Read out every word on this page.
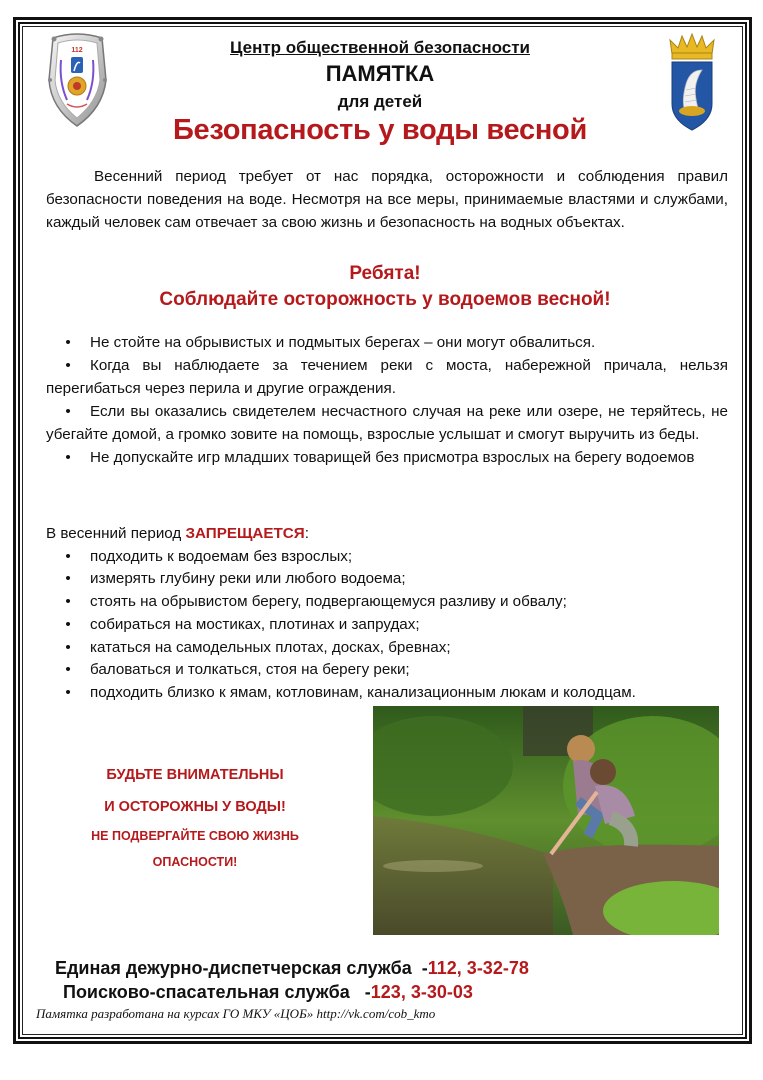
112	Центр общественной безопасности
ПАМЯТКА
для детей
Безопасность у воды весной

Весенний период требует от нас порядка, осторожности и соблюдения правил безопасности поведения на воде. Несмотря на все меры, принимаемые властями и службами, каждый человек сам отвечает за свою жизнь и безопасность на водных объектах.

Ребята!
Соблюдайте осторожность у водоемов весной!
• Не стойте на обрывистых и подмытых берегах – они могут обвалиться.
• Когда вы наблюдаете за течением реки с моста, набережной причала, нельзя перегибаться через перила и другие ограждения.
• Если вы оказались свидетелем несчастного случая на реке или озере, не теряйтесь, не убегайте домой, а громко зовите на помощь, взрослые услышат и смогут выручить из беды.
• Не допускайте игр младших товарищей без присмотра взрослых на берегу водоемов
В весенний период ЗАПРЕЩАЕТСЯ:
• подходить к водоемам без взрослых;
• измерять глубину реки или любого водоема;
• стоять на обрывистом берегу, подвергающемуся разливу и обвалу;
• собираться на мостиках, плотинах и запрудах;
• кататься на самодельных плотах, досках, бревнах;
• баловаться и толкаться, стоя на берегу реки;
• подходить близко к ямам, котловинам, канализационным люкам и колодцам.
БУДЬТЕ ВНИМАТЕЛЬНЫ
И ОСТОРОЖНЫ У ВОДЫ!
НЕ ПОДВЕРГАЙТЕ СВОЮ ЖИЗНЬ
ОПАСНОСТИ!
Единая дежурно-диспетчерская служба  -112, 3-32-78
Поисково-спасательная служба   -123, 3-30-03
Памятка разработана на курсах ГО МКУ «ЦОБ» http://vk.com/cob_kmo
